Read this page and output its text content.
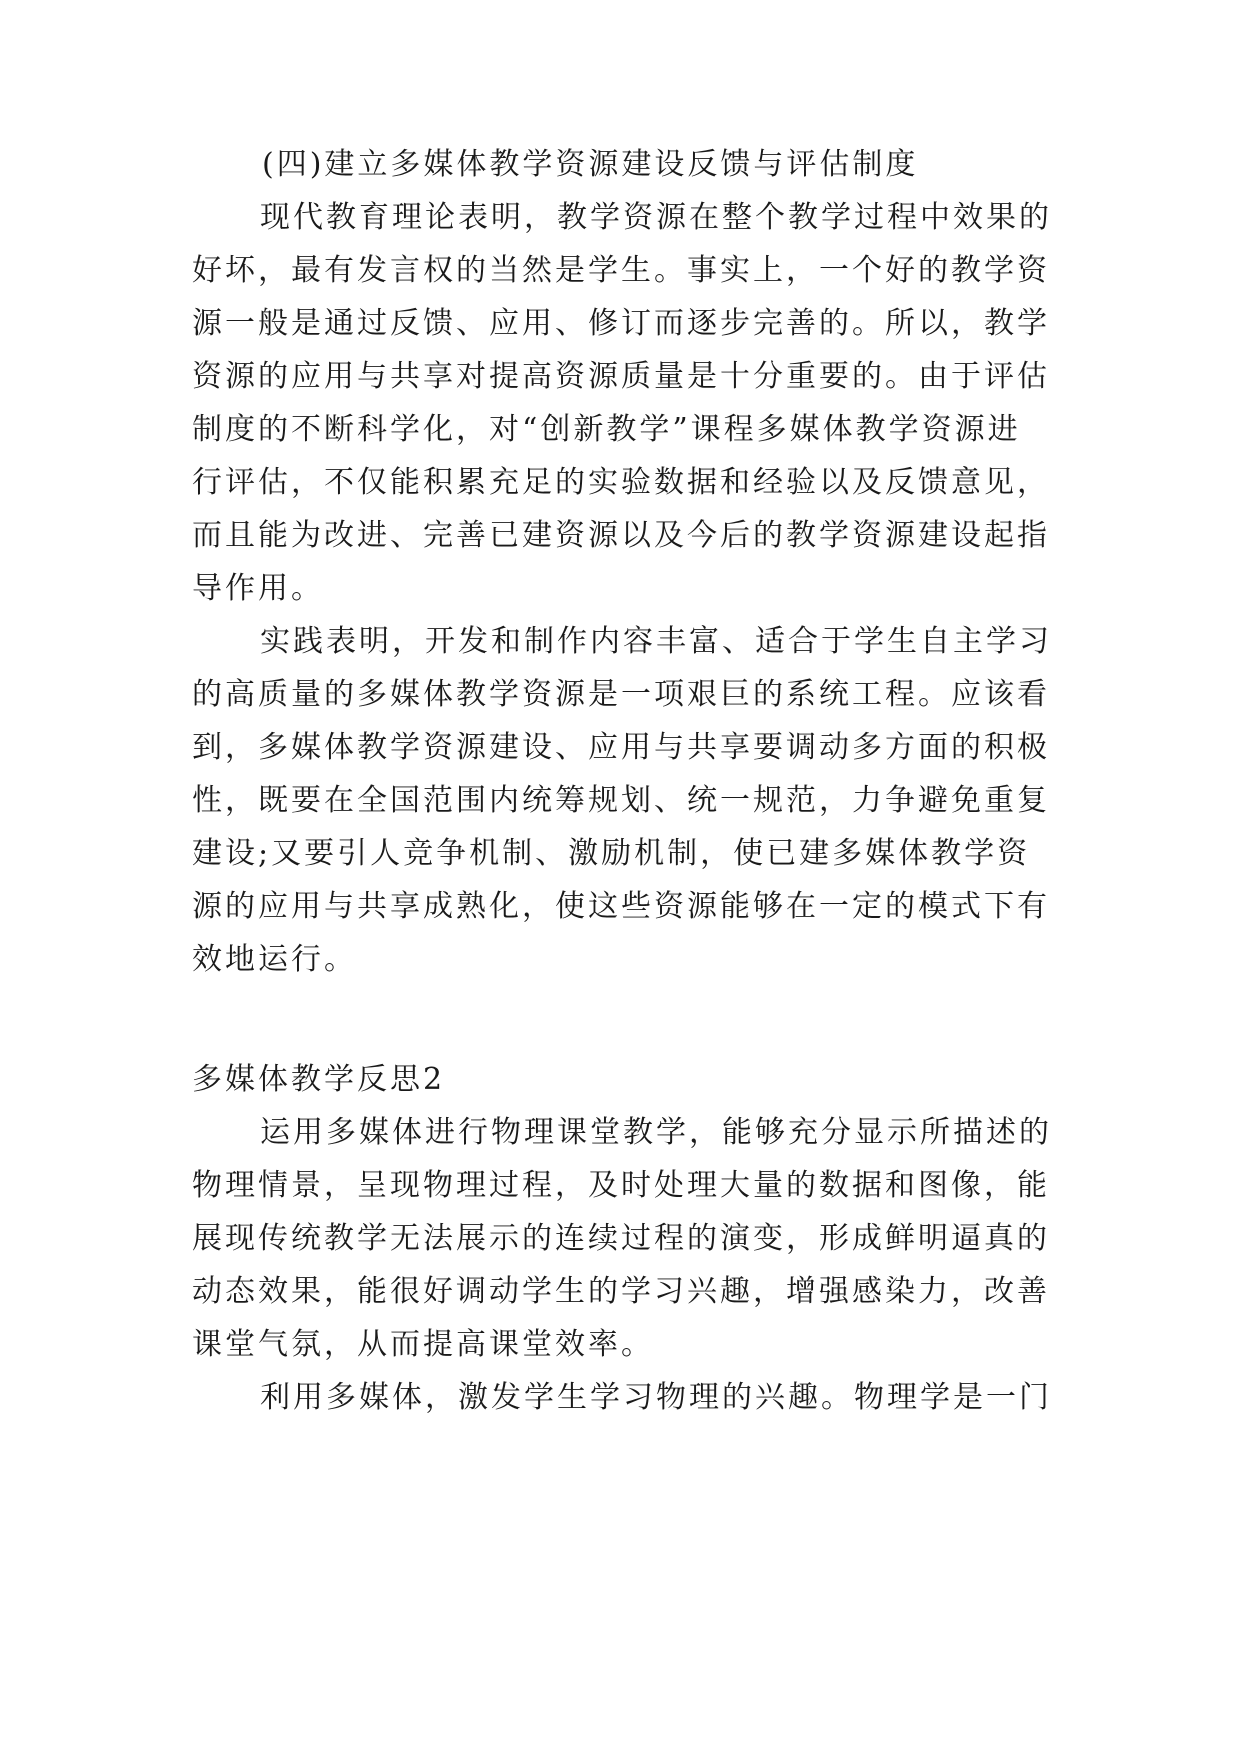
(四)建立多媒体教学资源建设反馈与评估制度
现代教育理论表明，教学资源在整个教学过程中效果的
好坏，最有发言权的当然是学生。事实上，一个好的教学资
源一般是通过反馈、应用、修订而逐步完善的。所以，教学
资源的应用与共享对提高资源质量是十分重要的。由于评估
制度的不断科学化，对“创新教学”课程多媒体教学资源进
行评估，不仅能积累充足的实验数据和经验以及反馈意见，
而且能为改进、完善已建资源以及今后的教学资源建设起指
导作用。
实践表明，开发和制作内容丰富、适合于学生自主学习
的高质量的多媒体教学资源是一项艰巨的系统工程。应该看
到，多媒体教学资源建设、应用与共享要调动多方面的积极
性，既要在全国范围内统筹规划、统一规范，力争避免重复
建设;又要引人竞争机制、激励机制，使已建多媒体教学资
源的应用与共享成熟化，使这些资源能够在一定的模式下有
效地运行。
多媒体教学反思2
运用多媒体进行物理课堂教学，能够充分显示所描述的
物理情景，呈现物理过程，及时处理大量的数据和图像，能
展现传统教学无法展示的连续过程的演变，形成鲜明逼真的
动态效果，能很好调动学生的学习兴趣，增强感染力，改善
课堂气氛，从而提高课堂效率。
利用多媒体，激发学生学习物理的兴趣。物理学是一门
